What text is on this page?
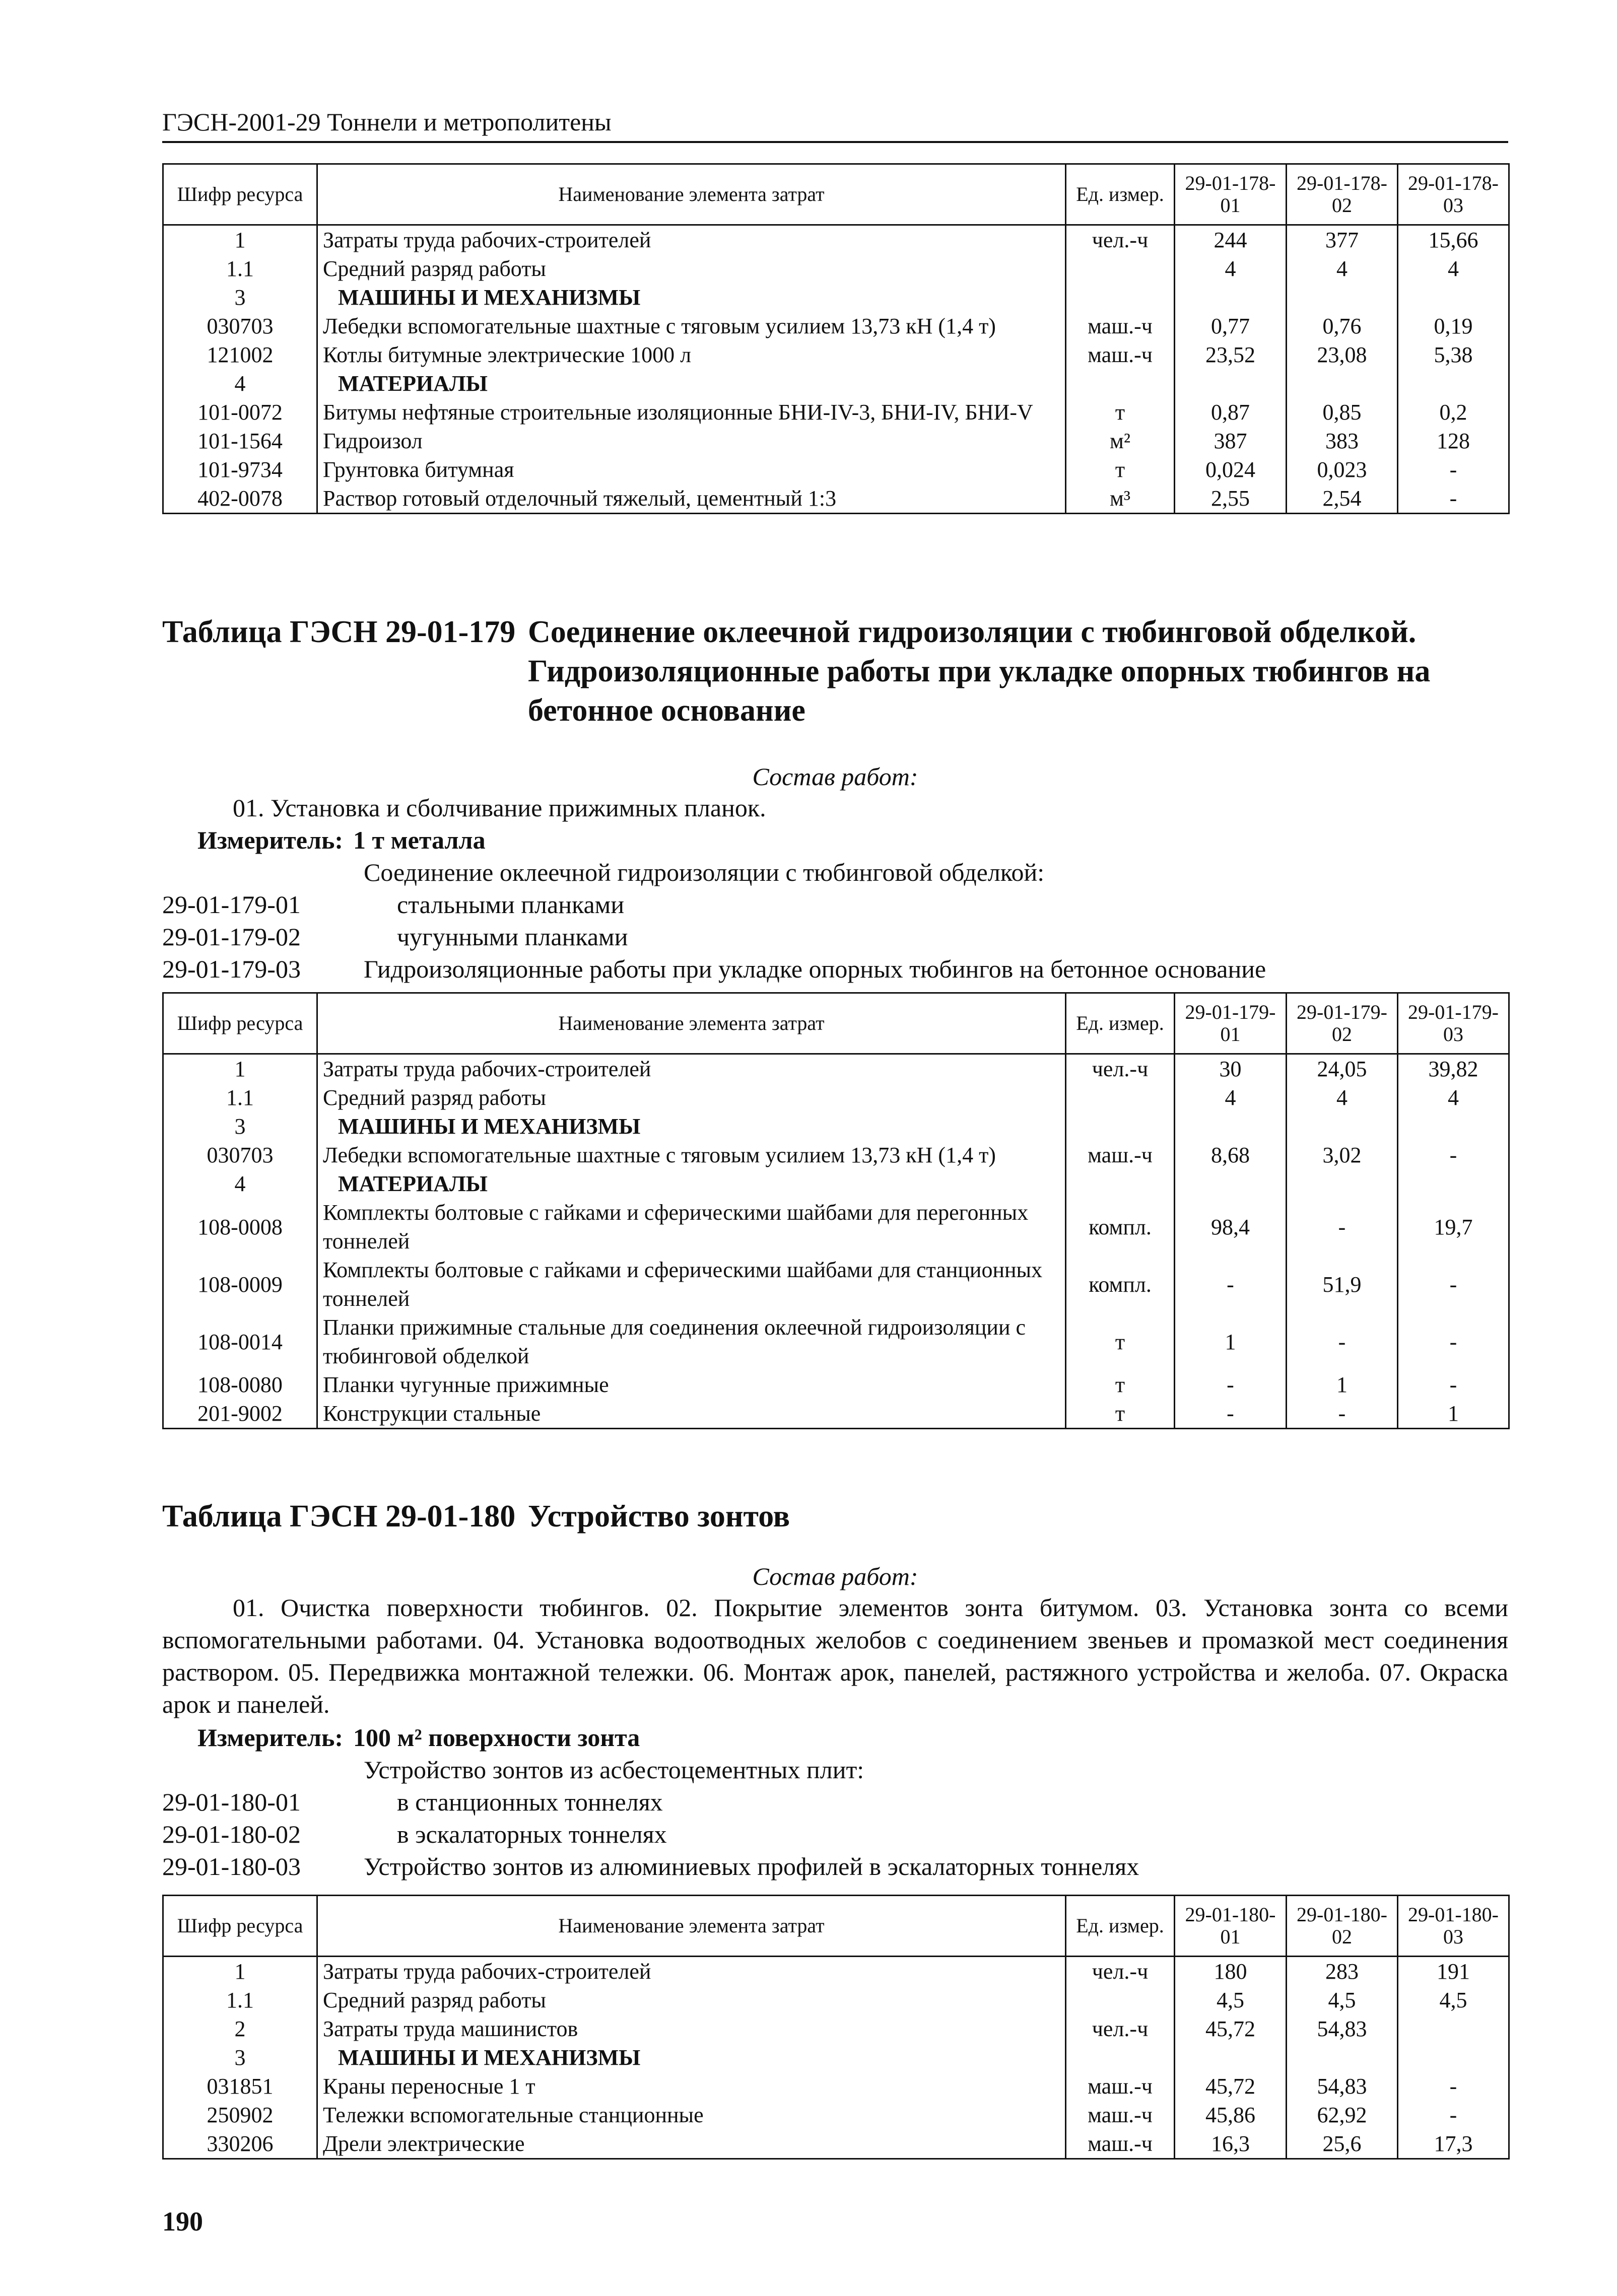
ГЭСН-2001-29 Тоннели и метрополитены
Шифр ресурса	Наименование элемента затрат	Ед. измер.	29-01-178-01	29-01-178-02	29-01-178-03
1	Затраты труда рабочих-строителей	чел.-ч	244	377	15,66
1.1	Средний разряд работы		4	4	4
3	МАШИНЫ И МЕХАНИЗМЫ				
030703	Лебедки вспомогательные шахтные с тяговым усилием 13,73 кН (1,4 т)	маш.-ч	0,77	0,76	0,19
121002	Котлы битумные электрические 1000 л	маш.-ч	23,52	23,08	5,38
4	МАТЕРИАЛЫ				
101-0072	Битумы нефтяные строительные изоляционные БНИ-IV-3, БНИ-IV, БНИ-V	т	0,87	0,85	0,2
101-1564	Гидроизол	м²	387	383	128
101-9734	Грунтовка битумная	т	0,024	0,023	-
402-0078	Раствор готовый отделочный тяжелый, цементный 1:3	м³	2,55	2,54	-
Таблица ГЭСН 29-01-179 Соединение оклеечной гидроизоляции с тюбинговой обделкой. Гидроизоляционные работы при укладке опорных тюбингов на бетонное основание
Состав работ:
01. Установка и сболчивание прижимных планок.
Измеритель: 1 т металла
Соединение оклеечной гидроизоляции с тюбинговой обделкой:
29-01-179-01	стальными планками
29-01-179-02	чугунными планками
29-01-179-03	Гидроизоляционные работы при укладке опорных тюбингов на бетонное основание
Шифр ресурса	Наименование элемента затрат	Ед. измер.	29-01-179-01	29-01-179-02	29-01-179-03
1	Затраты труда рабочих-строителей	чел.-ч	30	24,05	39,82
1.1	Средний разряд работы		4	4	4
3	МАШИНЫ И МЕХАНИЗМЫ				
030703	Лебедки вспомогательные шахтные с тяговым усилием 13,73 кН (1,4 т)	маш.-ч	8,68	3,02	-
4	МАТЕРИАЛЫ				
108-0008	Комплекты болтовые с гайками и сферическими шайбами для перегонных тоннелей	компл.	98,4	-	19,7
108-0009	Комплекты болтовые с гайками и сферическими шайбами для станционных тоннелей	компл.	-	51,9	-
108-0014	Планки прижимные стальные для соединения оклеечной гидроизоляции с тюбинговой обделкой	т	1	-	-
108-0080	Планки чугунные прижимные	т	-	1	-
201-9002	Конструкции стальные	т	-	-	1
Таблица ГЭСН 29-01-180 Устройство зонтов
Состав работ:
01. Очистка поверхности тюбингов. 02. Покрытие элементов зонта битумом. 03. Установка зонта со всеми вспомогательными работами. 04. Установка водоотводных желобов с соединением звеньев и промазкой мест соединения раствором. 05. Передвижка монтажной тележки. 06. Монтаж арок, панелей, растяжного устройства и желоба. 07. Окраска арок и панелей.
Измеритель: 100 м² поверхности зонта
Устройство зонтов из асбестоцементных плит:
29-01-180-01	в станционных тоннелях
29-01-180-02	в эскалаторных тоннелях
29-01-180-03	Устройство зонтов из алюминиевых профилей в эскалаторных тоннелях
Шифр ресурса	Наименование элемента затрат	Ед. измер.	29-01-180-01	29-01-180-02	29-01-180-03
1	Затраты труда рабочих-строителей	чел.-ч	180	283	191
1.1	Средний разряд работы		4,5	4,5	4,5
2	Затраты труда машинистов	чел.-ч	45,72	54,83	
3	МАШИНЫ И МЕХАНИЗМЫ				
031851	Краны переносные 1 т	маш.-ч	45,72	54,83	-
250902	Тележки вспомогательные станционные	маш.-ч	45,86	62,92	-
330206	Дрели электрические	маш.-ч	16,3	25,6	17,3
190
